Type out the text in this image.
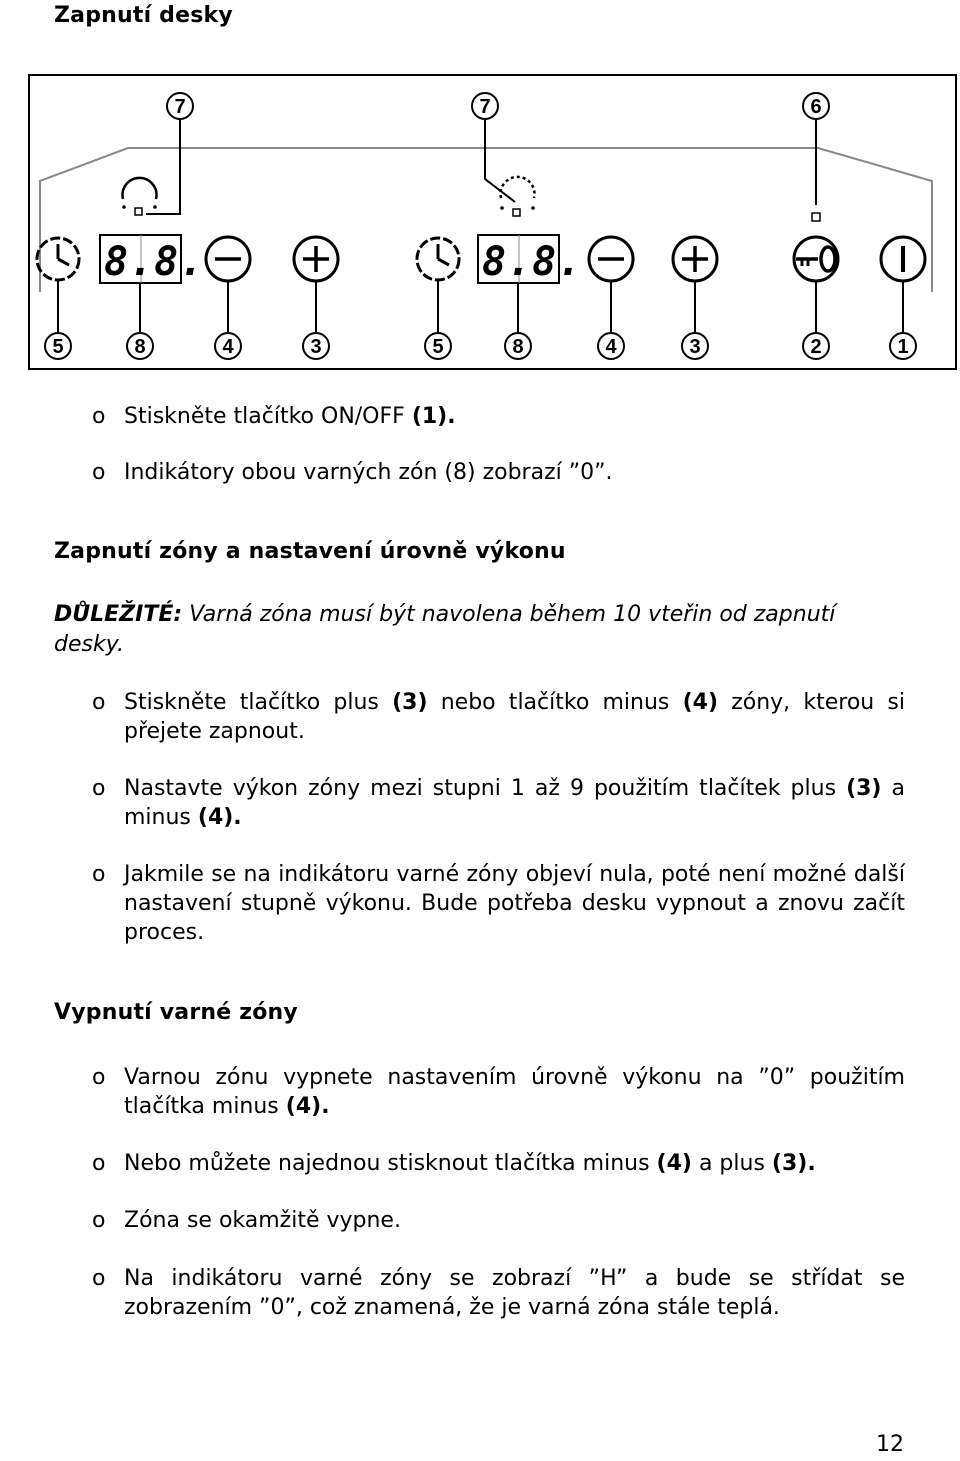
Zapnutí desky
7	7	6
8.8.	8.8.
5	8	4	3	5	8	4	3	2	1
o Stiskněte tlačítko ON/OFF (1).
o Indikátory obou varných zón (8) zobrazí ”0”.
Zapnutí zóny a nastavení úrovně výkonu
DŮLEŽITÉ: Varná zóna musí být navolena během 10 vteřin od zapnutí
desky.
o Stiskněte tlačítko plus (3) nebo tlačítko minus (4) zóny, kterou si přejete zapnout.
o Nastavte výkon zóny mezi stupni 1 až 9 použitím tlačítek plus (3) a minus (4).
o Jakmile se na indikátoru varné zóny objeví nula, poté není možné další nastavení stupně výkonu. Bude potřeba desku vypnout a znovu začít proces.
Vypnutí varné zóny
o Varnou zónu vypnete nastavením úrovně výkonu na ”0” použitím tlačítka minus (4).
o Nebo můžete najednou stisknout tlačítka minus (4) a plus (3).
o Zóna se okamžitě vypne.
o Na indikátoru varné zóny se zobrazí ”H” a bude se střídat se zobrazením ”0”, což znamená, že je varná zóna stále teplá.
12
